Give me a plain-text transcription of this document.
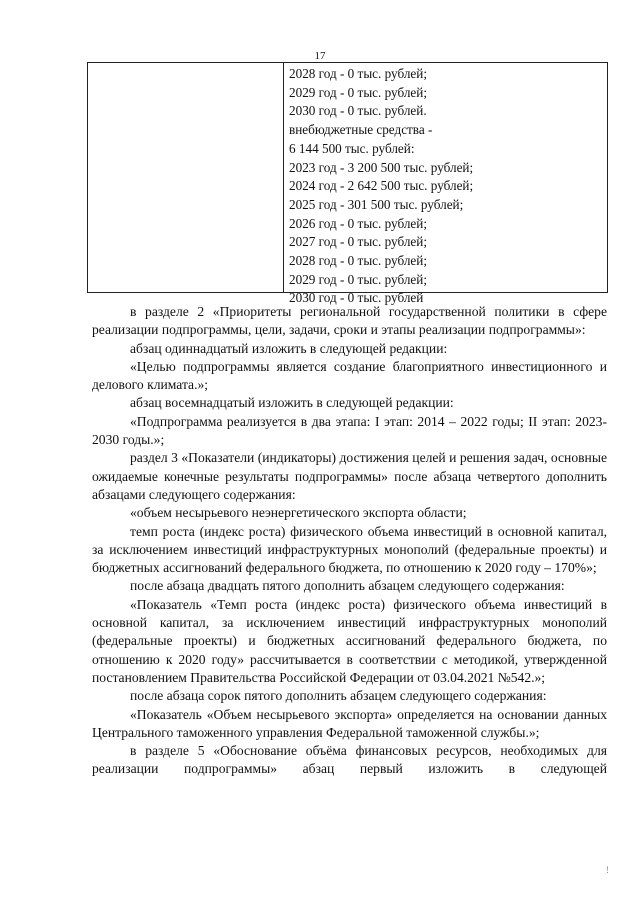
17
2028 год - 0 тыс. рублей;
2029 год - 0 тыс. рублей;
2030 год - 0 тыс. рублей.
внебюджетные средства -
6 144 500 тыс. рублей:
2023 год - 3 200 500 тыс. рублей;
2024 год - 2 642 500 тыс. рублей;
2025 год - 301 500 тыс. рублей;
2026 год - 0 тыс. рублей;
2027 год - 0 тыс. рублей;
2028 год - 0 тыс. рублей;
2029 год - 0 тыс. рублей;
2030 год - 0 тыс. рублей

в разделе 2 «Приоритеты региональной государственной политики в сфере реализации подпрограммы, цели, задачи, сроки и этапы реализации подпрограммы»:

абзац одиннадцатый изложить в следующей редакции:

«Целью подпрограммы является создание благоприятного инвестиционного и делового климата.»;

абзац восемнадцатый изложить в следующей редакции:

«Подпрограмма реализуется в два этапа: I этап: 2014 – 2022 годы; II этап: 2023-2030 годы.»;

раздел 3 «Показатели (индикаторы) достижения целей и решения задач, основные ожидаемые конечные результаты подпрограммы» после абзаца четвертого дополнить абзацами следующего содержания:

«объем несырьевого неэнергетического экспорта области;

темп роста (индекс роста) физического объема инвестиций в основной капитал, за исключением инвестиций инфраструктурных монополий (федеральные проекты) и бюджетных ассигнований федерального бюджета, по отношению к 2020 году – 170%»;

после абзаца двадцать пятого дополнить абзацем следующего содержания:

«Показатель «Темп роста (индекс роста) физического объема инвестиций в основной капитал, за исключением инвестиций инфраструктурных монополий (федеральные проекты) и бюджетных ассигнований федерального бюджета, по отношению к 2020 году» рассчитывается в соответствии с методикой, утвержденной постановлением Правительства Российской Федерации от 03.04.2021 №542.»;

после абзаца сорок пятого дополнить абзацем следующего содержания:

«Показатель «Объем несырьевого экспорта» определяется на основании данных Центрального таможенного управления Федеральной таможенной службы.»;

в разделе 5 «Обоснование объёма финансовых ресурсов, необходимых для реализации подпрограммы» абзац первый изложить в следующей

!
